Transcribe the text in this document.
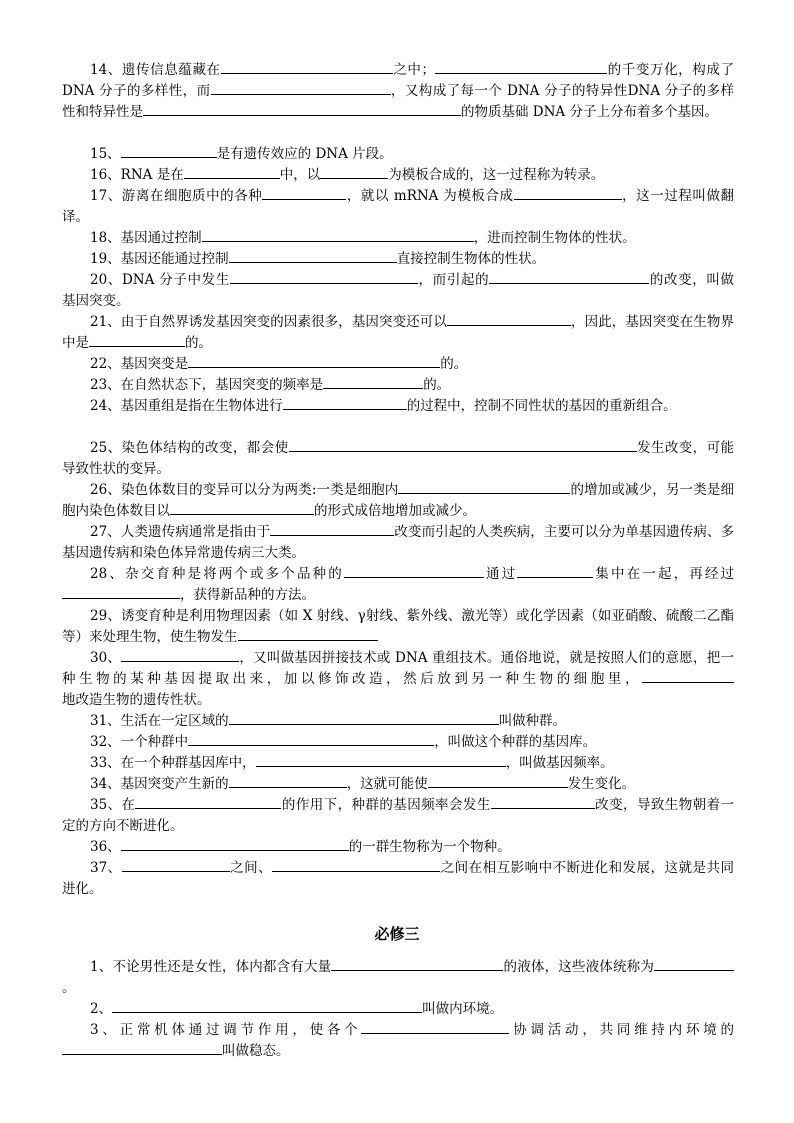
14、遗传信息蕴藏在	之中；	的千变万化，构成了 DNA 分子的多样性，而	，又构成了每一个 DNA 分子的特异性DNA 分子的多样性和特异性是	的物质基础 DNA 分子上分布着多个基因。

15、	是有遗传效应的 DNA 片段。

16、RNA 是在	中，以	为模板合成的，这一过程称为转录。

17、游离在细胞质中的各种	，就以 mRNA 为模板合成	，这一过程叫做翻译。

18、基因通过控制	，进而控制生物体的性状。

19、基因还能通过控制	直接控制生物体的性状。

20、DNA 分子中发生	，而引起的	的改变，叫做基因突变。

21、由于自然界诱发基因突变的因素很多，基因突变还可以	，因此，基因突变在生物界中是	的。

22、基因突变是	的。

23、在自然状态下，基因突变的频率是	的。

24、基因重组是指在生物体进行	的过程中，控制不同性状的基因的重新组合。

25、染色体结构的改变，都会使	发生改变，可能导致性状的变异。

26、染色体数目的变异可以分为两类:一类是细胞内	的增加或减少，另一类是细胞内染色体数目以	的形式成倍地增加或减少。

27、人类遗传病通常是指由于	改变而引起的人类疾病，主要可以分为单基因遗传病、多基因遗传病和染色体异常遗传病三大类。

28、杂交育种是将两个或多个品种的	通过	集中在一起，再经过，获得新品种的方法。

29、诱变育种是利用物理因素（如 X 射线、γ射线、紫外线、激光等）或化学因素（如亚硝酸、硫酸二乙酯等）来处理生物，使生物发生

30、	，又叫做基因拼接技术或 DNA 重组技术。通俗地说，就是按照人们的意愿，把一种生物的某种基因提取出来，加以修饰改造，然后放到另一种生物的细胞里，地改造生物的遗传性状。

31、生活在一定区域的	叫做种群。

32、一个种群中	，叫做这个种群的基因库。

33、在一个种群基因库中，	，叫做基因频率。

34、基因突变产生新的	，这就可能使	发生变化。

35、在	的作用下，种群的基因频率会发生	改变，导致生物朝着一定的方向不断进化。

36、	的一群生物称为一个物种。

37、	之间、	之间在相互影响中不断进化和发展，这就是共同进化。

必修三

1、不论男性还是女性，体内都含有大量	的液体，这些液体统称为。

2、	叫做内环境。

3、正常机体通过调节作用，使各个	协调活动，共同维持内环境的叫做稳态。
